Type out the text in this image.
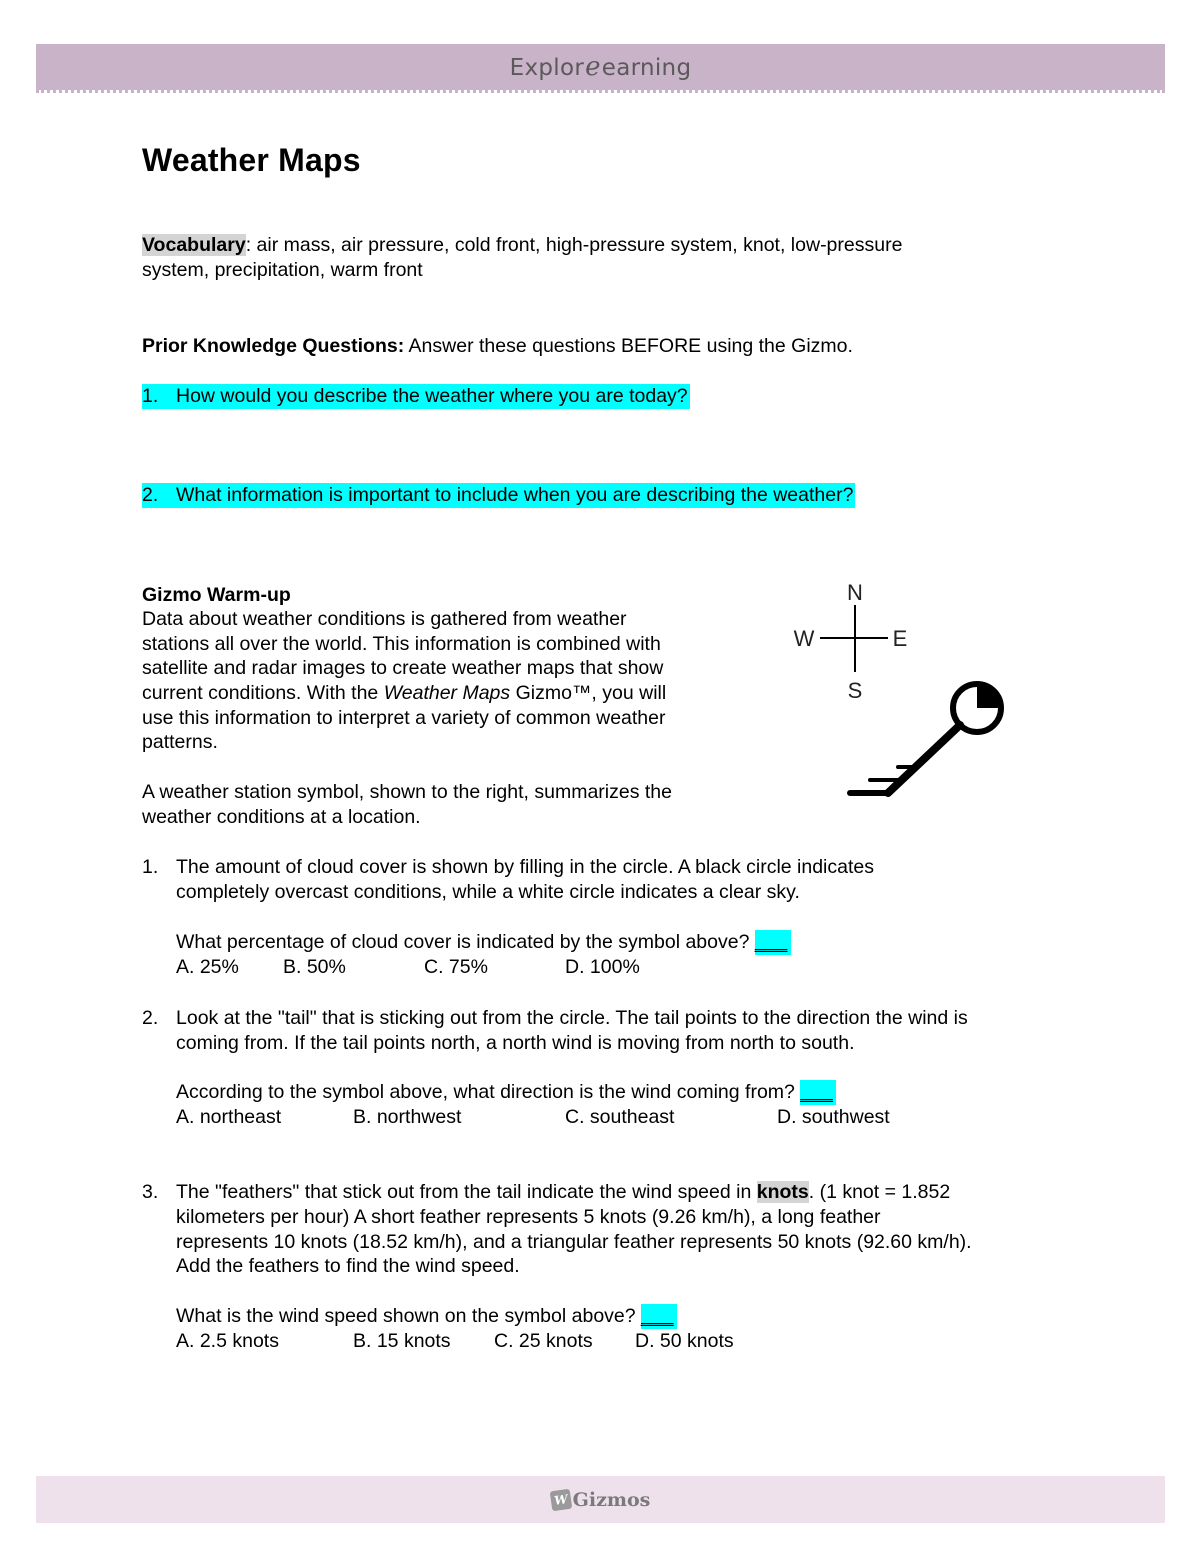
Explor e earning
Weather Maps
Vocabulary: air mass, air pressure, cold front, high-pressure system, knot, low-pressure
system, precipitation, warm front
Prior Knowledge Questions: Answer these questions BEFORE using the Gizmo.
1. How would you describe the weather where you are today?
2. What information is important to include when you are describing the weather?
Gizmo Warm-up
Data about weather conditions is gathered from weather
stations all over the world. This information is combined with
satellite and radar images to create weather maps that show
current conditions. With the Weather Maps Gizmo™, you will
use this information to interpret a variety of common weather
patterns.
A weather station symbol, shown to the right, summarizes the
weather conditions at a location.
N
E
S
W
1. The amount of cloud cover is shown by filling in the circle. A black circle indicates
completely overcast conditions, while a white circle indicates a clear sky.
What percentage of cloud cover is indicated by the symbol above? ___
A. 25%	B. 50%	C. 75%	D. 100%
2. Look at the "tail" that is sticking out from the circle. The tail points to the direction the wind is
coming from. If the tail points north, a north wind is moving from north to south.
According to the symbol above, what direction is the wind coming from? ___
A. northeast	B. northwest	C. southeast	D. southwest
3. The "feathers" that stick out from the tail indicate the wind speed in knots. (1 knot = 1.852
kilometers per hour) A short feather represents 5 knots (9.26 km/h), a long feather
represents 10 knots (18.52 km/h), and a triangular feather represents 50 knots (92.60 km/h).
Add the feathers to find the wind speed.
What is the wind speed shown on the symbol above? ___
A. 2.5 knots	B. 15 knots	C. 25 knots	D. 50 knots
W Gizmos
